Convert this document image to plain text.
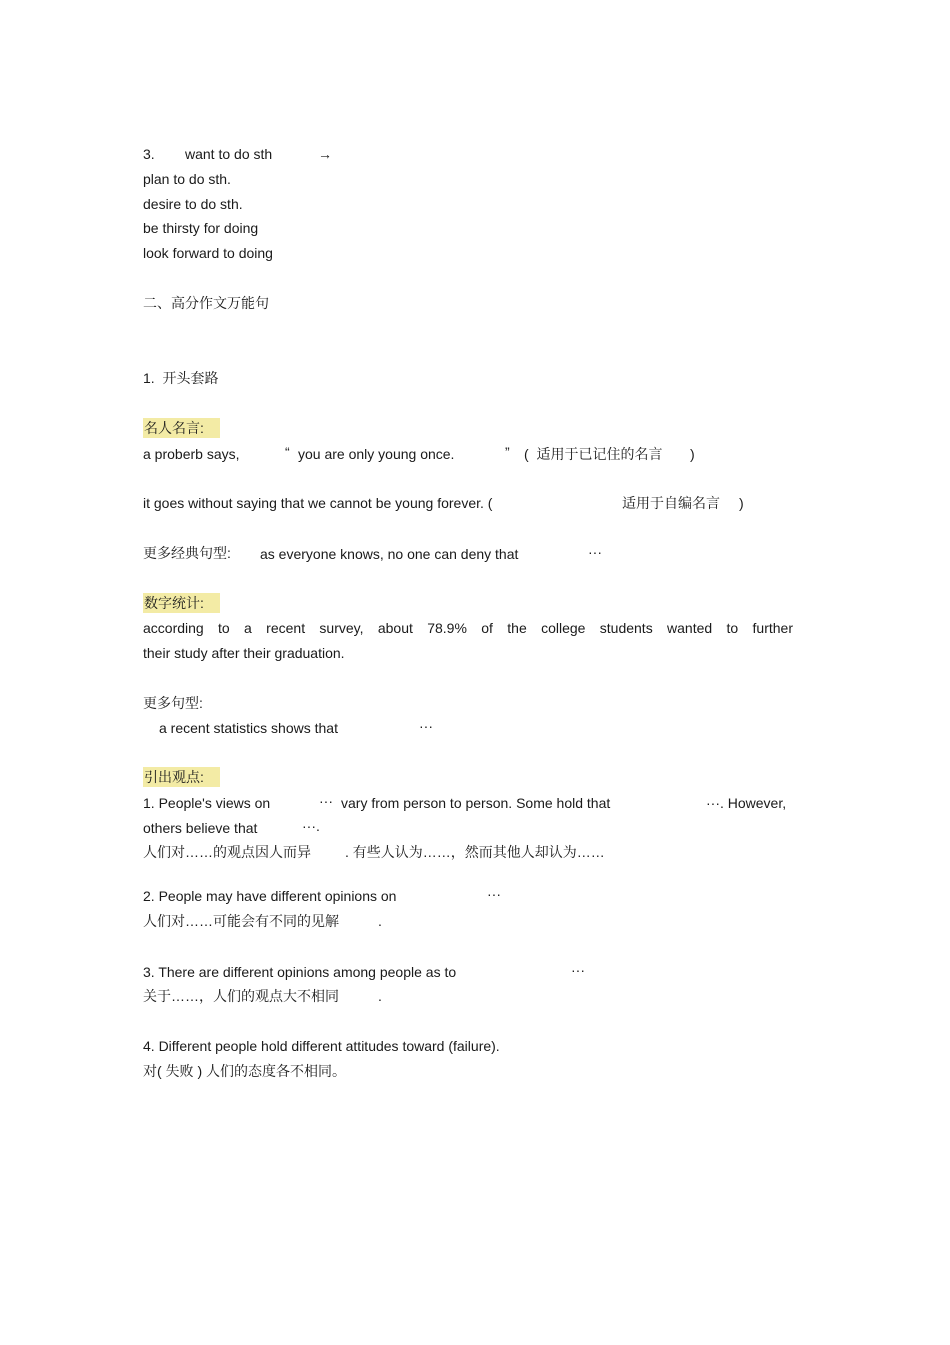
3. want to do sth	→
plan to do sth.
desire to do sth.
be thirsty for doing
look forward to doing
二、高分作文万能句
1.  开头套路
名人名言:
a proberb says,	“ you are only young once.	” (  适用于已记住的名言 )
it goes without saying that we cannot be young forever. (	适用于自编名言 )
更多经典句型: as everyone knows, no one can deny that	···
数字统计:
according to a recent survey, about 78.9% of the college students wanted to further
their study after their graduation.
更多句型:
a recent statistics shows that	···
引出观点:
1. People's views on	··· vary from person to person. Some hold that	···. However,
others believe that	···.
人们对……的观点因人而异 . 有些人认为……，然而其他人却认为……
2. People may have different opinions on	···
人们对……可能会有不同的见解	.
3. There are different opinions among people as to	···
关于……，人们的观点大不相同	.
4. Different people hold different attitudes toward (failure).
对( 失败 ) 人们的态度各不相同。
